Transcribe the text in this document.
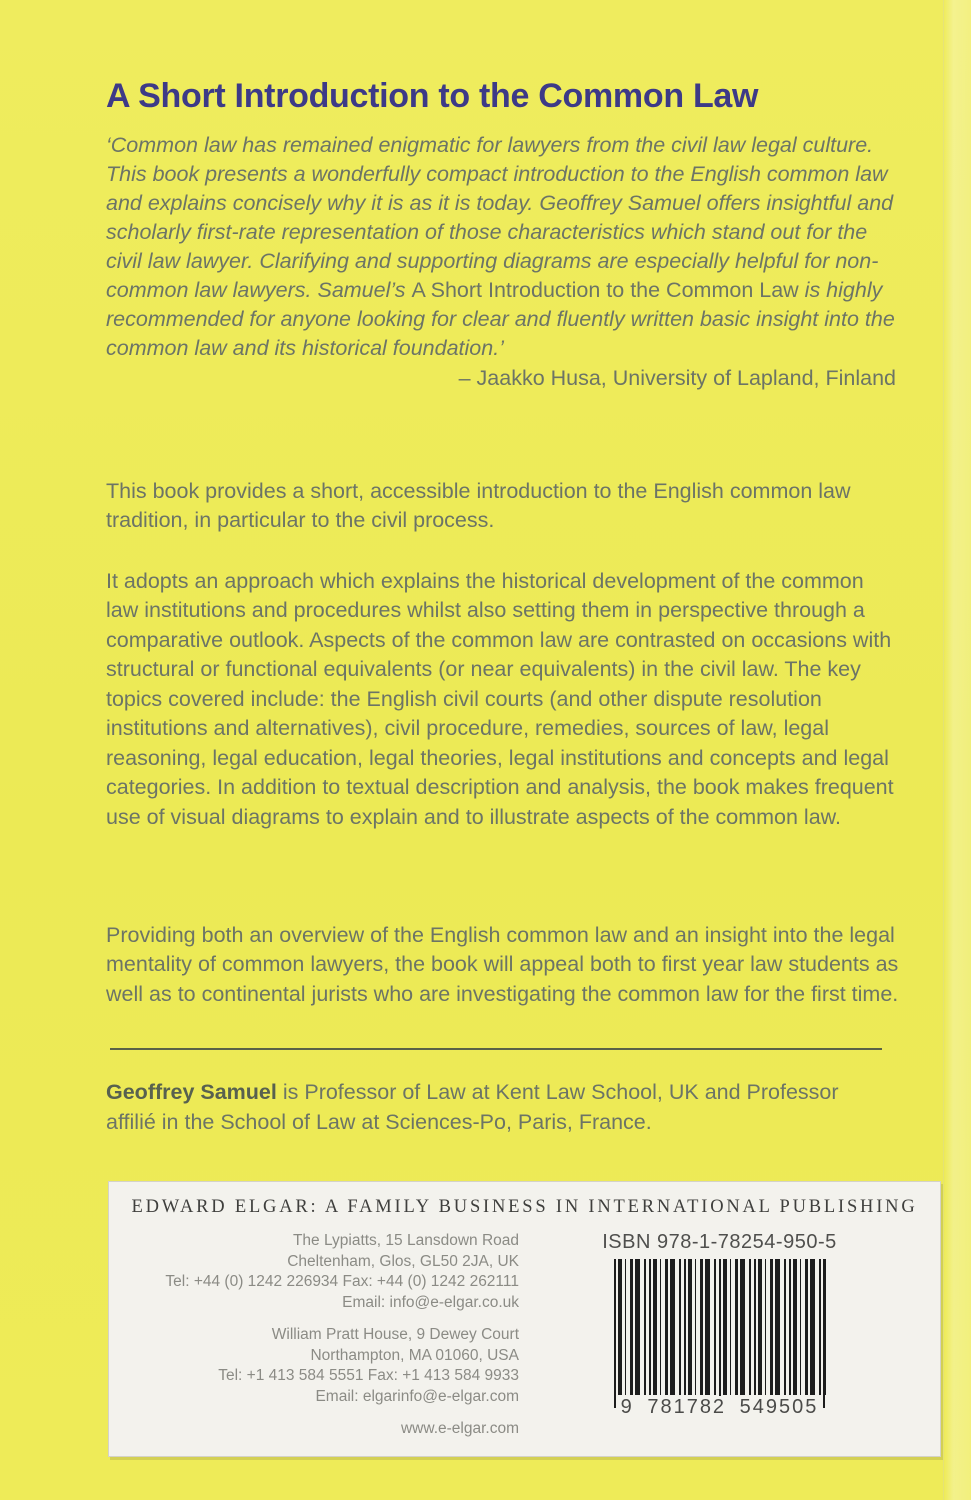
A Short Introduction to the Common Law
‘Common law has remained enigmatic for lawyers from the civil law legal culture. This book presents a wonderfully compact introduction to the English common law and explains concisely why it is as it is today. Geoffrey Samuel offers insightful and scholarly first-rate representation of those characteristics which stand out for the civil law lawyer. Clarifying and supporting diagrams are especially helpful for non-common law lawyers. Samuel’s A Short Introduction to the Common Law is highly recommended for anyone looking for clear and fluently written basic insight into the common law and its historical foundation.’
– Jaakko Husa, University of Lapland, Finland

This book provides a short, accessible introduction to the English common law tradition, in particular to the civil process.

It adopts an approach which explains the historical development of the common law institutions and procedures whilst also setting them in perspective through a comparative outlook. Aspects of the common law are contrasted on occasions with structural or functional equivalents (or near equivalents) in the civil law. The key topics covered include: the English civil courts (and other dispute resolution institutions and alternatives), civil procedure, remedies, sources of law, legal reasoning, legal education, legal theories, legal institutions and concepts and legal categories. In addition to textual description and analysis, the book makes frequent use of visual diagrams to explain and to illustrate aspects of the common law.

Providing both an overview of the English common law and an insight into the legal mentality of common lawyers, the book will appeal both to first year law students as well as to continental jurists who are investigating the common law for the first time.

Geoffrey Samuel is Professor of Law at Kent Law School, UK and Professor affilié in the School of Law at Sciences-Po, Paris, France.
EDWARD ELGAR: A FAMILY BUSINESS IN INTERNATIONAL PUBLISHING
The Lypiatts, 15 Lansdown Road
Cheltenham, Glos, GL50 2JA, UK
Tel: +44 (0) 1242 226934 Fax: +44 (0) 1242 262111
Email: info@e-elgar.co.uk
William Pratt House, 9 Dewey Court
Northampton, MA 01060, USA
Tel: +1 413 584 5551 Fax: +1 413 584 9933
Email: elgarinfo@e-elgar.com
www.e-elgar.com
ISBN 978-1-78254-950-5
9 781782 549505
